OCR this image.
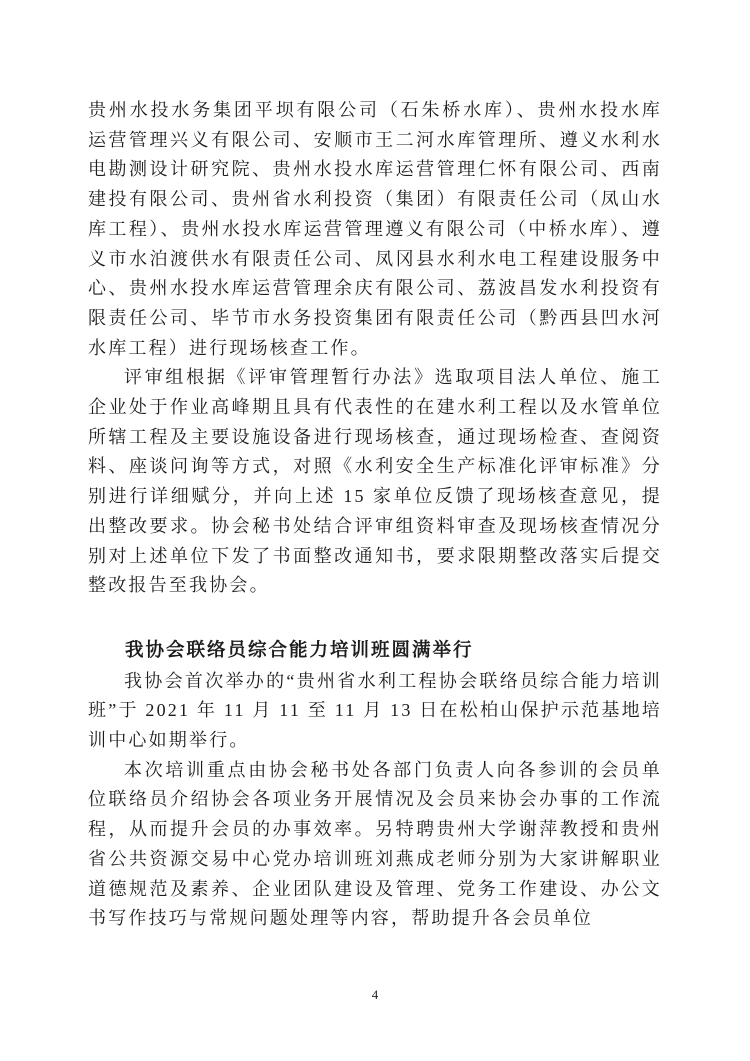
贵州水投水务集团平坝有限公司（石朱桥水库）、贵州水投水库运营管理兴义有限公司、安顺市王二河水库管理所、遵义水利水电勘测设计研究院、贵州水投水库运营管理仁怀有限公司、西南建投有限公司、贵州省水利投资（集团）有限责任公司（凤山水库工程）、贵州水投水库运营管理遵义有限公司（中桥水库）、遵义市水泊渡供水有限责任公司、凤冈县水利水电工程建设服务中心、贵州水投水库运营管理余庆有限公司、荔波昌发水利投资有限责任公司、毕节市水务投资集团有限责任公司（黔西县凹水河水库工程）进行现场核查工作。

评审组根据《评审管理暂行办法》选取项目法人单位、施工企业处于作业高峰期且具有代表性的在建水利工程以及水管单位所辖工程及主要设施设备进行现场核查，通过现场检查、查阅资料、座谈问询等方式，对照《水利安全生产标准化评审标准》分别进行详细赋分，并向上述 15 家单位反馈了现场核查意见，提出整改要求。协会秘书处结合评审组资料审查及现场核查情况分别对上述单位下发了书面整改通知书，要求限期整改落实后提交整改报告至我协会。

我协会联络员综合能力培训班圆满举行

我协会首次举办的“贵州省水利工程协会联络员综合能力培训班”于 2021 年 11 月 11 至 11 月 13 日在松柏山保护示范基地培训中心如期举行。

本次培训重点由协会秘书处各部门负责人向各参训的会员单位联络员介绍协会各项业务开展情况及会员来协会办事的工作流程，从而提升会员的办事效率。另特聘贵州大学谢萍教授和贵州省公共资源交易中心党办培训班刘燕成老师分别为大家讲解职业道德规范及素养、企业团队建设及管理、党务工作建设、办公文书写作技巧与常规问题处理等内容，帮助提升各会员单位

4
